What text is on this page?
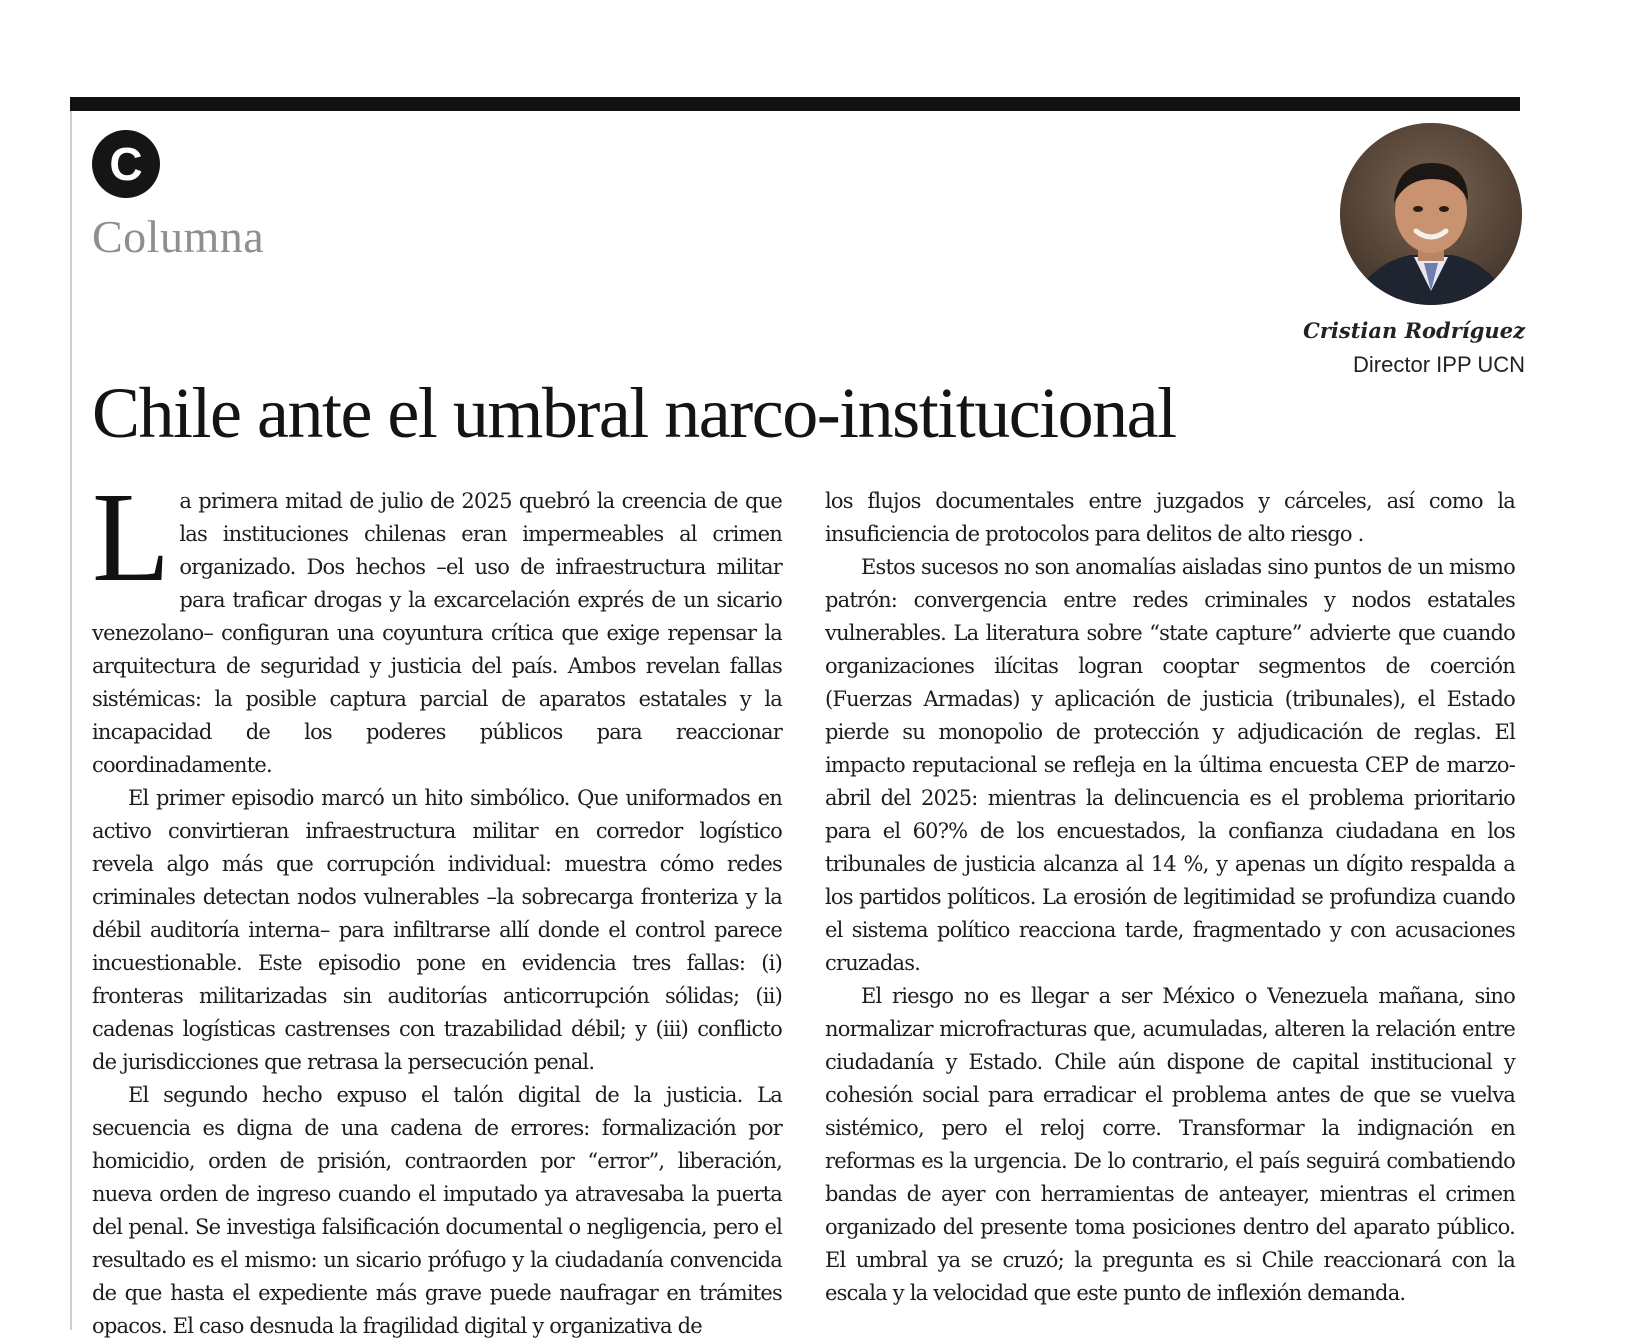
C
Columna
Cristian Rodríguez
Director IPP UCN
Chile ante el umbral narco-institucional

La primera mitad de julio de 2025 quebró la creencia de que las instituciones chilenas eran impermeables al crimen organizado. Dos hechos –el uso de infraestructura militar para traficar drogas y la excarcelación exprés de un sicario venezolano– configuran una coyuntura crítica que exige repensar la arquitectura de seguridad y justicia del país. Ambos revelan fallas sistémicas: la posible captura parcial de aparatos estatales y la incapacidad de los poderes públicos para reaccionar coordinadamente.

El primer episodio marcó un hito simbólico. Que uniformados en activo convirtieran infraestructura militar en corredor logístico revela algo más que corrupción individual: muestra cómo redes criminales detectan nodos vulnerables –la sobrecarga fronteriza y la débil auditoría interna– para infiltrarse allí donde el control parece incuestionable. Este episodio pone en evidencia tres fallas: (i) fronteras militarizadas sin auditorías anticorrupción sólidas; (ii) cadenas logísticas castrenses con trazabilidad débil; y (iii) conflicto de jurisdicciones que retrasa la persecución penal.

El segundo hecho expuso el talón digital de la justicia. La secuencia es digna de una cadena de errores: formalización por homicidio, orden de prisión, contraorden por “error”, liberación, nueva orden de ingreso cuando el imputado ya atravesaba la puerta del penal. Se investiga falsificación documental o negligencia, pero el resultado es el mismo: un sicario prófugo y la ciudadanía convencida de que hasta el expediente más grave puede naufragar en trámites opacos. El caso desnuda la fragilidad digital y organizativa de

los flujos documentales entre juzgados y cárceles, así como la insuficiencia de protocolos para delitos de alto riesgo .

Estos sucesos no son anomalías aisladas sino puntos de un mismo patrón: convergencia entre redes criminales y nodos estatales vulnerables. La literatura sobre “state capture” advierte que cuando organizaciones ilícitas logran cooptar segmentos de coerción (Fuerzas Armadas) y aplicación de justicia (tribunales), el Estado pierde su monopolio de protección y adjudicación de reglas. El impacto reputacional se refleja en la última encuesta CEP de marzo-abril del 2025: mientras la delincuencia es el problema prioritario para el 60?% de los encuestados, la confianza ciudadana en los tribunales de justicia alcanza al 14 %, y apenas un dígito respalda a los partidos políticos. La erosión de legitimidad se profundiza cuando el sistema político reacciona tarde, fragmentado y con acusaciones cruzadas.

El riesgo no es llegar a ser México o Venezuela mañana, sino normalizar microfracturas que, acumuladas, alteren la relación entre ciudadanía y Estado. Chile aún dispone de capital institucional y cohesión social para erradicar el problema antes de que se vuelva sistémico, pero el reloj corre. Transformar la indignación en reformas es la urgencia. De lo contrario, el país seguirá combatiendo bandas de ayer con herramientas de anteayer, mientras el crimen organizado del presente toma posiciones dentro del aparato público. El umbral ya se cruzó; la pregunta es si Chile reaccionará con la escala y la velocidad que este punto de inflexión demanda.
